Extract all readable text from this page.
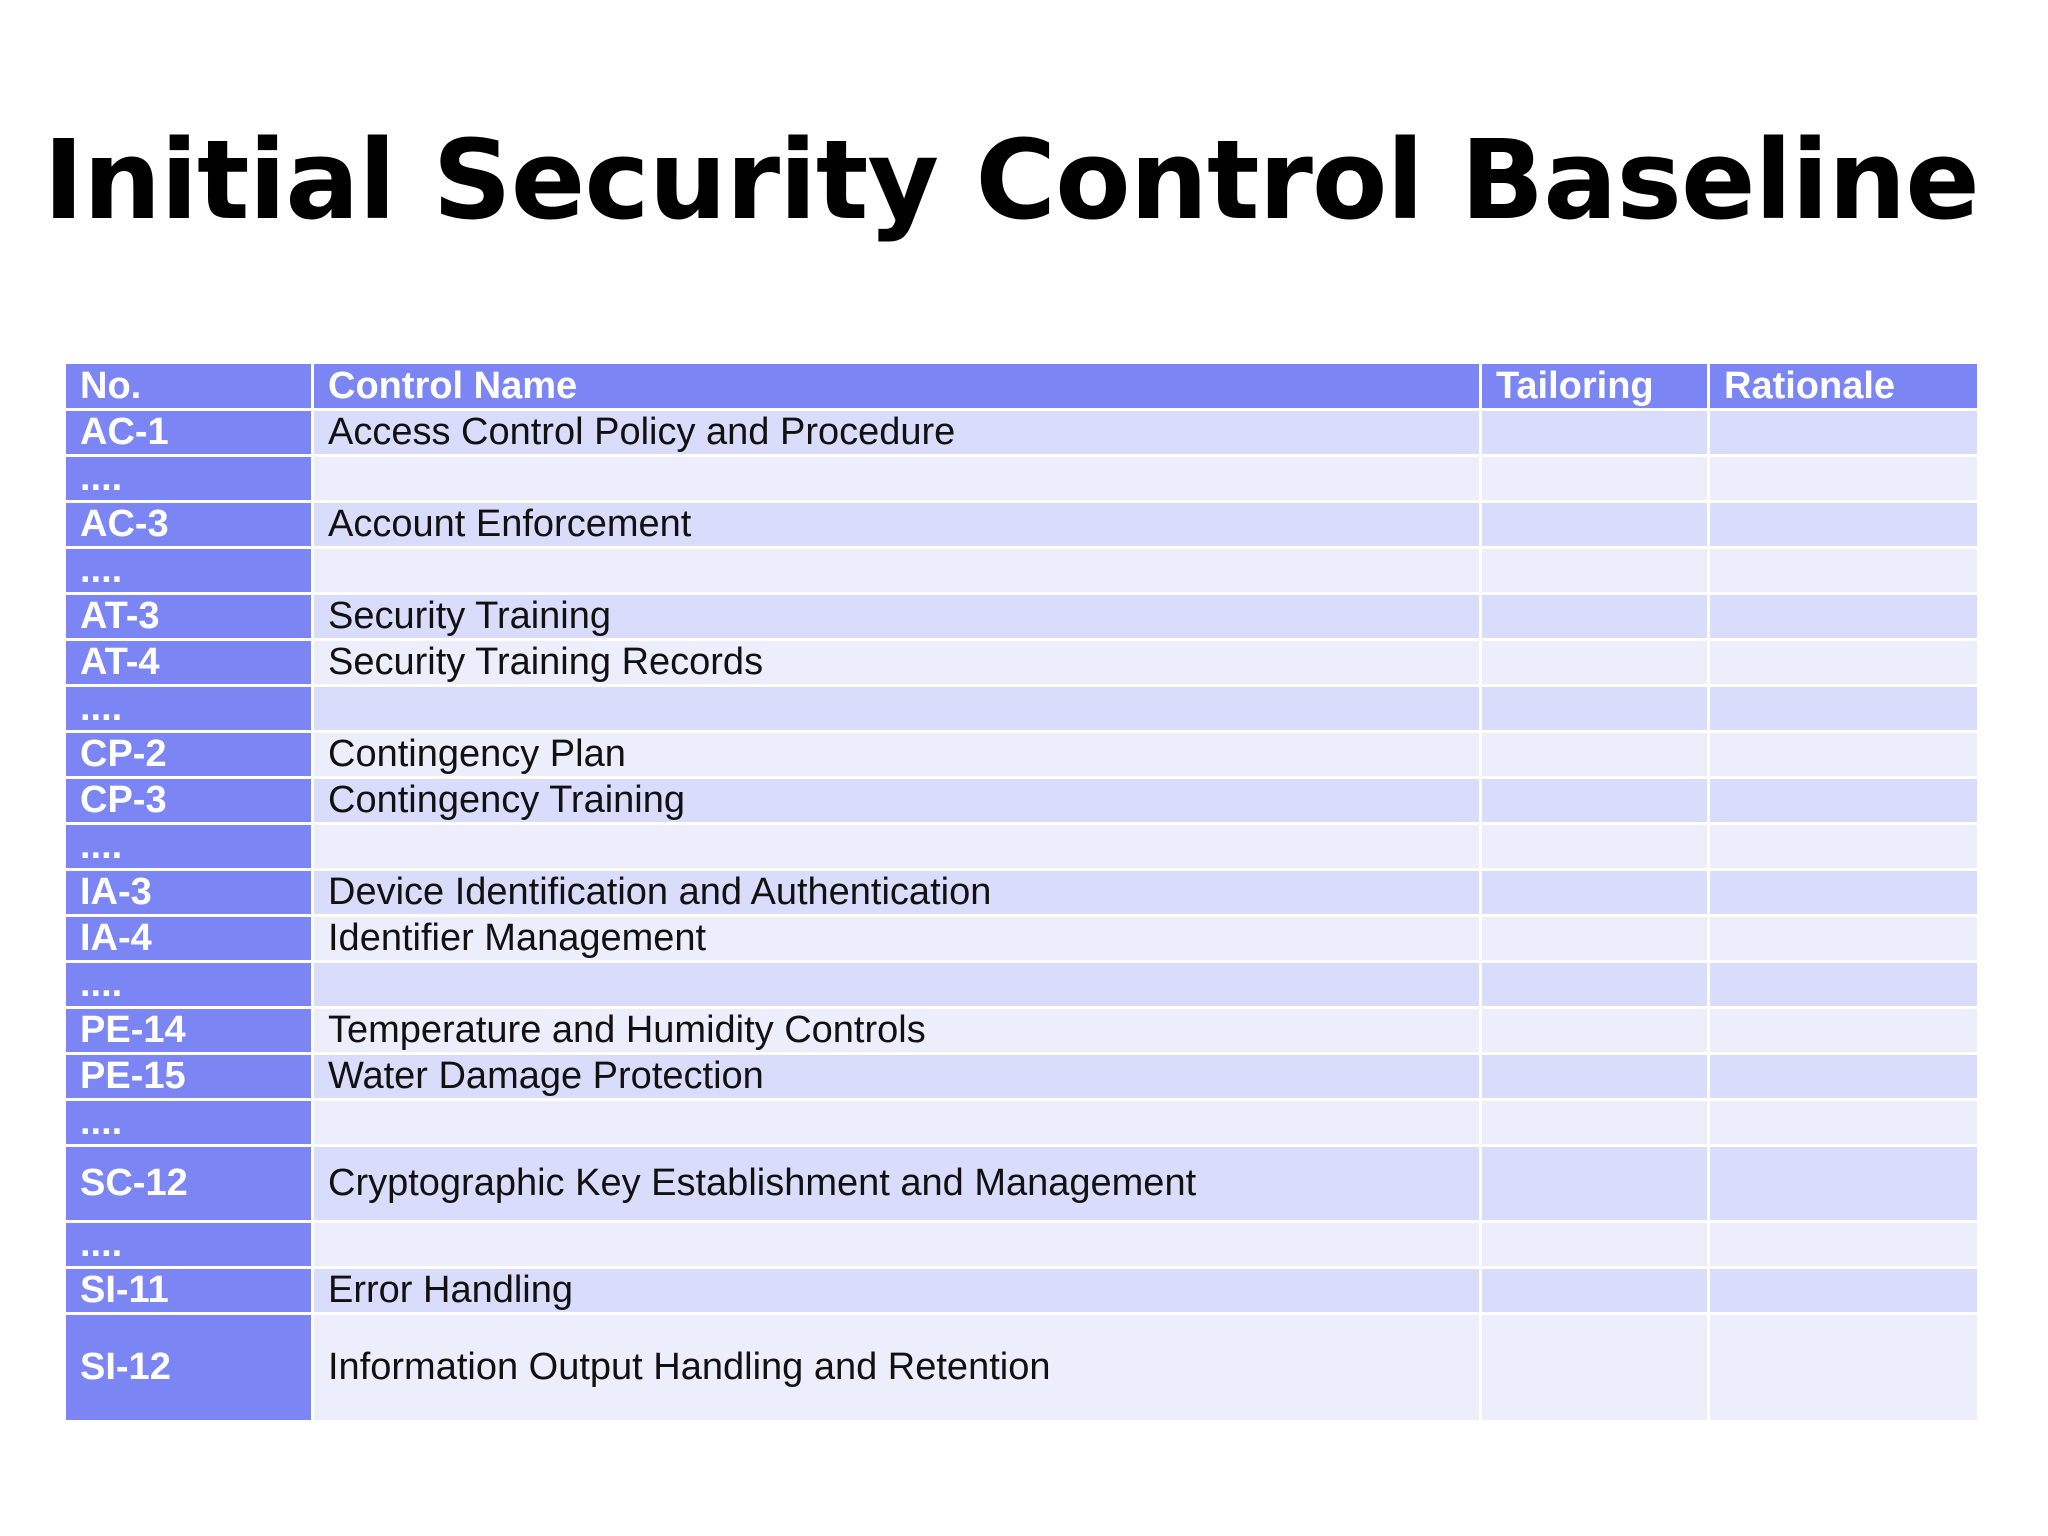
Initial Security Control Baseline
No.	Control Name	Tailoring	Rationale
AC-1	Access Control Policy and Procedure		
....			
AC-3	Account Enforcement		
....			
AT-3	Security Training		
AT-4	Security Training Records		
....			
CP-2	Contingency Plan		
CP-3	Contingency Training		
....			
IA-3	Device Identification and Authentication		
IA-4	Identifier Management		
....			
PE-14	Temperature and Humidity Controls		
PE-15	Water Damage Protection		
....			
SC-12	Cryptographic Key Establishment and Management		
....			
SI-11	Error Handling		
SI-12	Information Output Handling and Retention		
